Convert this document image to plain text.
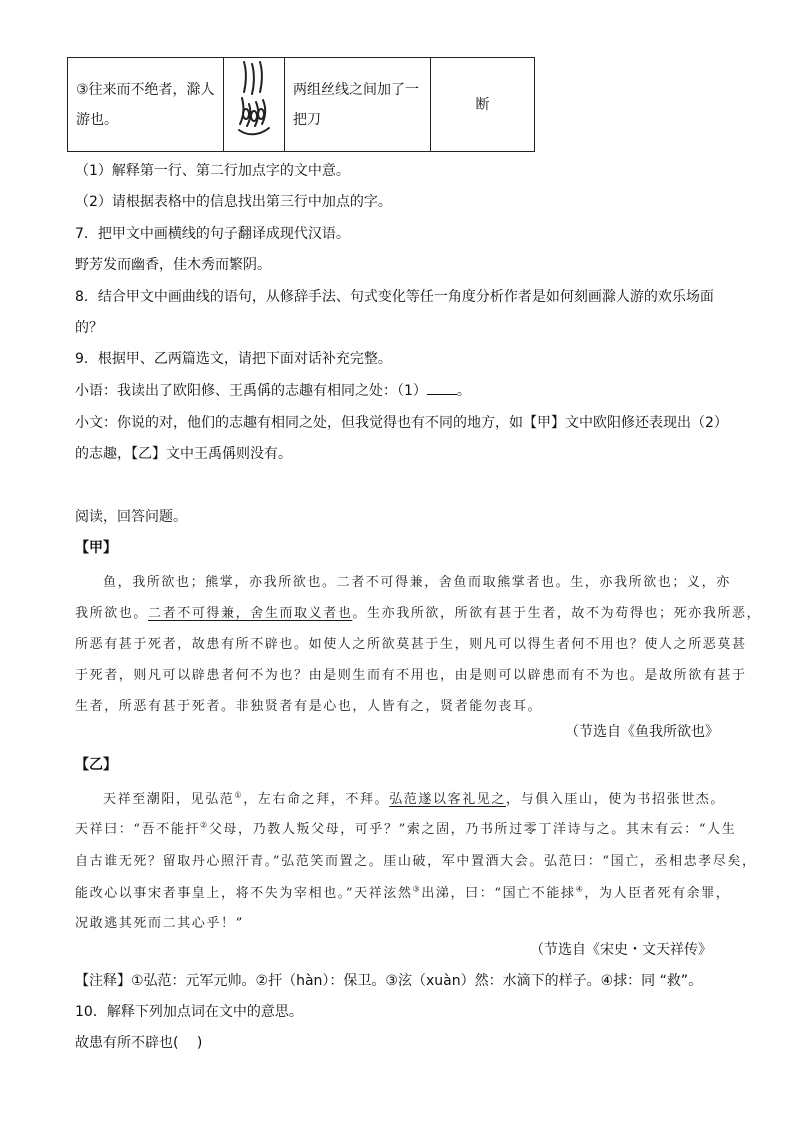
③往来而不绝者，滁人游也。		两组丝线之间加了一把刀	断
（1）解释第一行、第二行加点字的文中意。
（2）请根据表格中的信息找出第三行中加点的字。
7．把甲文中画横线的句子翻译成现代汉语。
野芳发而幽香，佳木秀而繁阴。
8．结合甲文中画曲线的语句，从修辞手法、句式变化等任一角度分析作者是如何刻画滁人游的欢乐场面
的？
9．根据甲、乙两篇选文，请把下面对话补充完整。
小语：我读出了欧阳修、王禹偁的志趣有相同之处：（1） 。
小文：你说的对，他们的志趣有相同之处，但我觉得也有不同的地方，如【甲】文中欧阳修还表现出（2）
的志趣，【乙】文中王禹偁则没有。
阅读，回答问题。
【甲】
鱼，我所欲也；熊掌，亦我所欲也。二者不可得兼，舍鱼而取熊掌者也。生，亦我所欲也；义，亦
我所欲也。二者不可得兼，舍生而取义者也。生亦我所欲，所欲有甚于生者，故不为苟得也；死亦我所恶，
所恶有甚于死者，故患有所不辟也。如使人之所欲莫甚于生，则凡可以得生者何不用也？使人之所恶莫甚
于死者，则凡可以辟患者何不为也？由是则生而有不用也，由是则可以辟患而有不为也。是故所欲有甚于
生者，所恶有甚于死者。非独贤者有是心也，人皆有之，贤者能勿丧耳。
（节选自《鱼我所欲也》
【乙】
天祥至潮阳，见弘范①，左右命之拜，不拜。弘范遂以客礼见之，与俱入厓山，使为书招张世杰。
天祥曰：“吾不能扞②父母，乃教人叛父母，可乎？”索之固，乃书所过零丁洋诗与之。其末有云：“人生
自古谁无死？留取丹心照汗青。”弘范笑而置之。厓山破，军中置酒大会。弘范曰：“国亡，丞相忠孝尽矣，
能改心以事宋者事皇上，将不失为宰相也。”天祥泫然③出涕，曰：“国亡不能捄④，为人臣者死有余罪，
况敢逃其死而二其心乎！”
（节选自《宋史・文天祥传》
【注释】①弘范：元军元帅。②扞（hàn）：保卫。③泫（xuàn）然：水滴下的样子。④捄：同 “救”。
10．解释下列加点词在文中的意思。
故患有所不辟也(　 )
